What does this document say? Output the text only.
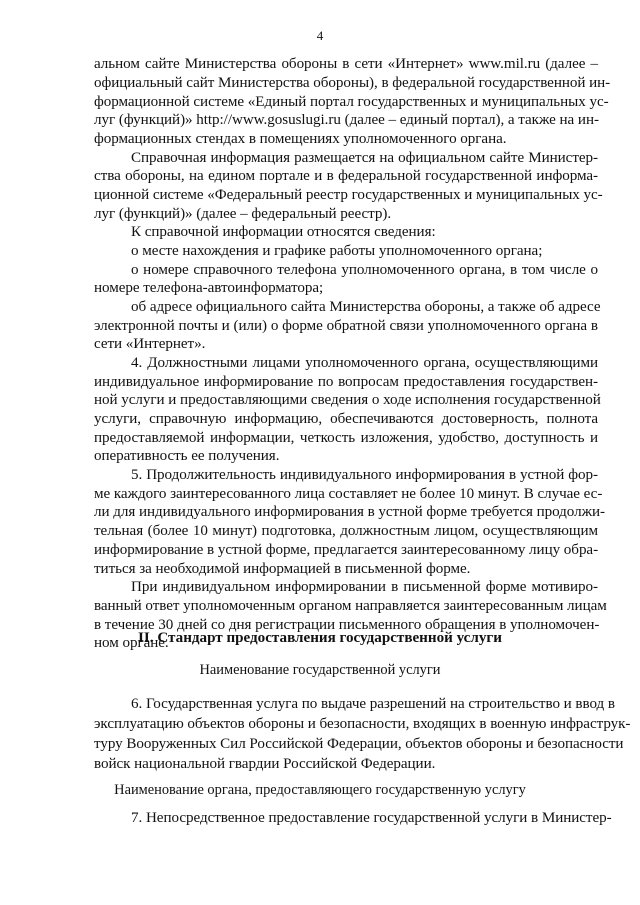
4
альном сайте Министерства обороны в сети «Интернет» www.mil.ru (далее –
официальный сайт Министерства обороны), в федеральной государственной ин-
формационной системе «Единый портал государственных и муниципальных ус-
луг (функций)» http://www.gosuslugi.ru (далее – единый портал), а также на ин-
формационных стендах в помещениях уполномоченного органа.
Справочная информация размещается на официальном сайте Министер-
ства обороны, на едином портале и в федеральной государственной информа-
ционной системе «Федеральный реестр государственных и муниципальных ус-
луг (функций)» (далее – федеральный реестр).
К справочной информации относятся сведения:
о месте нахождения и графике работы уполномоченного органа;
о номере справочного телефона уполномоченного органа, в том числе о
номере телефона-автоинформатора;
об адресе официального сайта Министерства обороны, а также об адресе
электронной почты и (или) о форме обратной связи уполномоченного органа в
сети «Интернет».
4. Должностными лицами уполномоченного органа, осуществляющими
индивидуальное информирование по вопросам предоставления государствен-
ной услуги и предоставляющими сведения о ходе исполнения государственной
услуги, справочную информацию, обеспечиваются достоверность, полнота
предоставляемой информации, четкость изложения, удобство, доступность и
оперативность ее получения.
5. Продолжительность индивидуального информирования в устной фор-
ме каждого заинтересованного лица составляет не более 10 минут. В случае ес-
ли для индивидуального информирования в устной форме требуется продолжи-
тельная (более 10 минут) подготовка, должностным лицом, осуществляющим
информирование в устной форме, предлагается заинтересованному лицу обра-
титься за необходимой информацией в письменной форме.
При индивидуальном информировании в письменной форме мотивиро-
ванный ответ уполномоченным органом направляется заинтересованным лицам
в течение 30 дней со дня регистрации письменного обращения в уполномочен-
ном органе.
II. Стандарт предоставления государственной услуги
Наименование государственной услуги
6. Государственная услуга по выдаче разрешений на строительство и ввод в
эксплуатацию объектов обороны и безопасности, входящих в военную инфраструк-
туру Вооруженных Сил Российской Федерации, объектов обороны и безопасности
войск национальной гвардии Российской Федерации.
Наименование органа, предоставляющего государственную услугу
7. Непосредственное предоставление государственной услуги в Министер-
